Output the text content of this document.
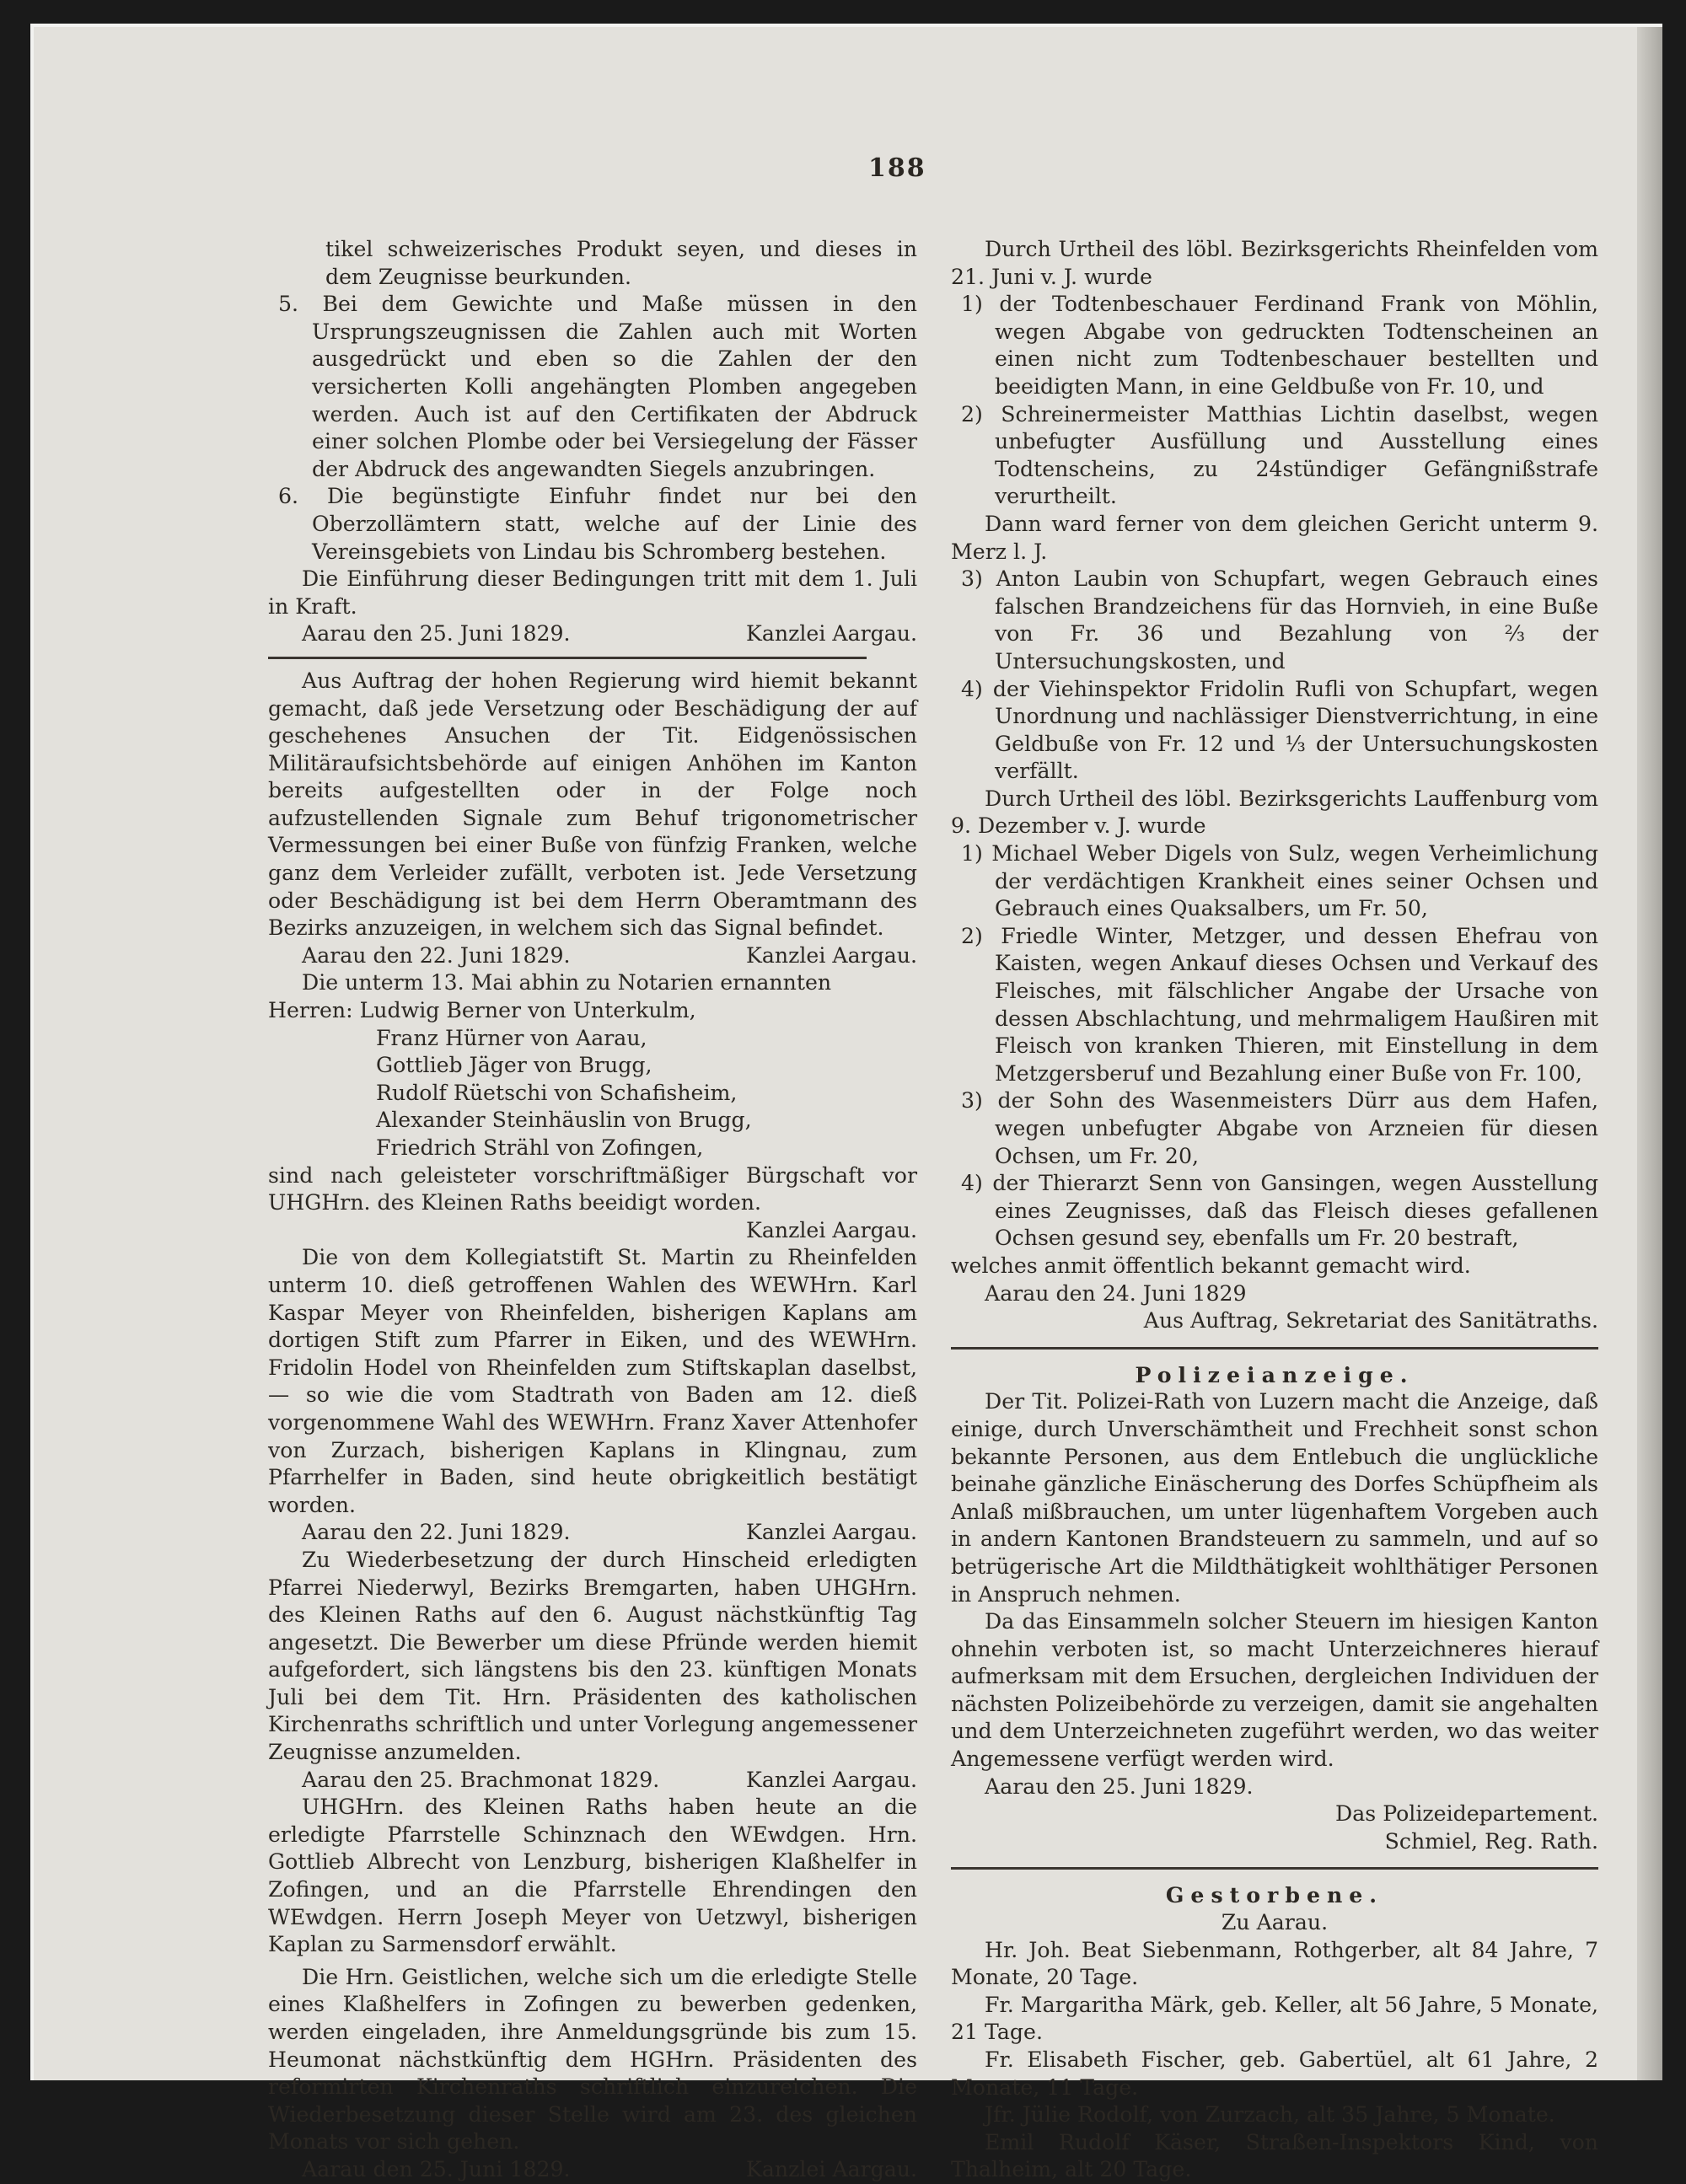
188

tikel schweizerisches Produkt seyen, und dieses in dem Zeugnisse beurkunden.

5. Bei dem Gewichte und Maße müssen in den Ursprungszeugnissen die Zahlen auch mit Worten ausgedrückt und eben so die Zahlen der den versicherten Kolli angehängten Plomben angegeben werden. Auch ist auf den Certifikaten der Abdruck einer solchen Plombe oder bei Versiegelung der Fässer der Abdruck des angewandten Siegels anzubringen.

6. Die begünstigte Einfuhr findet nur bei den Oberzollämtern statt, welche auf der Linie des Vereinsgebiets von Lindau bis Schromberg bestehen.

Die Einführung dieser Bedingungen tritt mit dem 1. Juli in Kraft.

Aarau den 25. Juni 1829.	Kanzlei Aargau.

Aus Auftrag der hohen Regierung wird hiemit bekannt gemacht, daß jede Versetzung oder Beschädigung der auf geschehenes Ansuchen der Tit. Eidgenössischen Militäraufsichtsbehörde auf einigen Anhöhen im Kanton bereits aufgestellten oder in der Folge noch aufzustellenden Signale zum Behuf trigonometrischer Vermessungen bei einer Buße von fünfzig Franken, welche ganz dem Verleider zufällt, verboten ist. Jede Versetzung oder Beschädigung ist bei dem Herrn Oberamtmann des Bezirks anzuzeigen, in welchem sich das Signal befindet.

Aarau den 22. Juni 1829.	Kanzlei Aargau.

Die unterm 13. Mai abhin zu Notarien ernannten

Herren: Ludwig Berner von Unterkulm,
Franz Hürner von Aarau,
Gottlieb Jäger von Brugg,
Rudolf Rüetschi von Schafisheim,
Alexander Steinhäuslin von Brugg,
Friedrich Strähl von Zofingen,

sind nach geleisteter vorschriftmäßiger Bürgschaft vor UHGHrn. des Kleinen Raths beeidigt worden.

Kanzlei Aargau.

Die von dem Kollegiatstift St. Martin zu Rheinfelden unterm 10. dieß getroffenen Wahlen des WEWHrn. Karl Kaspar Meyer von Rheinfelden, bisherigen Kaplans am dortigen Stift zum Pfarrer in Eiken, und des WEWHrn. Fridolin Hodel von Rheinfelden zum Stiftskaplan daselbst, — so wie die vom Stadtrath von Baden am 12. dieß vorgenommene Wahl des WEWHrn. Franz Xaver Attenhofer von Zurzach, bisherigen Kaplans in Klingnau, zum Pfarrhelfer in Baden, sind heute obrigkeitlich bestätigt worden.

Aarau den 22. Juni 1829.	Kanzlei Aargau.

Zu Wiederbesetzung der durch Hinscheid erledigten Pfarrei Niederwyl, Bezirks Bremgarten, haben UHGHrn. des Kleinen Raths auf den 6. August nächstkünftig Tag angesetzt. Die Bewerber um diese Pfründe werden hiemit aufgefordert, sich längstens bis den 23. künftigen Monats Juli bei dem Tit. Hrn. Präsidenten des katholischen Kirchenraths schriftlich und unter Vorlegung angemessener Zeugnisse anzumelden.

Aarau den 25. Brachmonat 1829.	Kanzlei Aargau.

UHGHrn. des Kleinen Raths haben heute an die erledigte Pfarrstelle Schinznach den WEwdgen. Hrn. Gottlieb Albrecht von Lenzburg, bisherigen Klaßhelfer in Zofingen, und an die Pfarrstelle Ehrendingen den WEwdgen. Herrn Joseph Meyer von Uetzwyl, bisherigen Kaplan zu Sarmensdorf erwählt.

Die Hrn. Geistlichen, welche sich um die erledigte Stelle eines Klaßhelfers in Zofingen zu bewerben gedenken, werden eingeladen, ihre Anmeldungsgründe bis zum 15. Heumonat nächstkünftig dem HGHrn. Präsidenten des reformirten Kirchenraths schriftlich einzureichen. Die Wiederbesetzung dieser Stelle wird am 23. des gleichen Monats vor sich gehen.

Aarau den 25. Juni 1829.	Kanzlei Aargau.

Durch Urtheil des löbl. Bezirksgerichts Rheinfelden vom 21. Juni v. J. wurde

1) der Todtenbeschauer Ferdinand Frank von Möhlin, wegen Abgabe von gedruckten Todtenscheinen an einen nicht zum Todtenbeschauer bestellten und beeidigten Mann, in eine Geldbuße von Fr. 10, und

2) Schreinermeister Matthias Lichtin daselbst, wegen unbefugter Ausfüllung und Ausstellung eines Todtenscheins, zu 24stündiger Gefängnißstrafe verurtheilt.

Dann ward ferner von dem gleichen Gericht unterm 9. Merz l. J.

3) Anton Laubin von Schupfart, wegen Gebrauch eines falschen Brandzeichens für das Hornvieh, in eine Buße von Fr. 36 und Bezahlung von ⅔ der Untersuchungskosten, und

4) der Viehinspektor Fridolin Rufli von Schupfart, wegen Unordnung und nachlässiger Dienstverrichtung, in eine Geldbuße von Fr. 12 und ⅓ der Untersuchungskosten verfällt.

Durch Urtheil des löbl. Bezirksgerichts Lauffenburg vom 9. Dezember v. J. wurde

1) Michael Weber Digels von Sulz, wegen Verheimlichung der verdächtigen Krankheit eines seiner Ochsen und Gebrauch eines Quaksalbers, um Fr. 50,

2) Friedle Winter, Metzger, und dessen Ehefrau von Kaisten, wegen Ankauf dieses Ochsen und Verkauf des Fleisches, mit fälschlicher Angabe der Ursache von dessen Abschlachtung, und mehrmaligem Haußiren mit Fleisch von kranken Thieren, mit Einstellung in dem Metzgersberuf und Bezahlung einer Buße von Fr. 100,

3) der Sohn des Wasenmeisters Dürr aus dem Hafen, wegen unbefugter Abgabe von Arzneien für diesen Ochsen, um Fr. 20,

4) der Thierarzt Senn von Gansingen, wegen Ausstellung eines Zeugnisses, daß das Fleisch dieses gefallenen Ochsen gesund sey, ebenfalls um Fr. 20 bestraft,

welches anmit öffentlich bekannt gemacht wird.

Aarau den 24. Juni 1829

Aus Auftrag, Sekretariat des Sanitätraths.

Polizeianzeige.

Der Tit. Polizei-Rath von Luzern macht die Anzeige, daß einige, durch Unverschämtheit und Frechheit sonst schon bekannte Personen, aus dem Entlebuch die unglückliche beinahe gänzliche Einäscherung des Dorfes Schüpfheim als Anlaß mißbrauchen, um unter lügenhaftem Vorgeben auch in andern Kantonen Brandsteuern zu sammeln, und auf so betrügerische Art die Mildthätigkeit wohlthätiger Personen in Anspruch nehmen.

Da das Einsammeln solcher Steuern im hiesigen Kanton ohnehin verboten ist, so macht Unterzeichneres hierauf aufmerksam mit dem Ersuchen, dergleichen Individuen der nächsten Polizeibehörde zu verzeigen, damit sie angehalten und dem Unterzeichneten zugeführt werden, wo das weiter Angemessene verfügt werden wird.

Aarau den 25. Juni 1829.

Das Polizeidepartement.

Schmiel, Reg. Rath.

Gestorbene.

Zu Aarau.

Hr. Joh. Beat Siebenmann, Rothgerber, alt 84 Jahre, 7 Monate, 20 Tage.

Fr. Margaritha Märk, geb. Keller, alt 56 Jahre, 5 Monate, 21 Tage.

Fr. Elisabeth Fischer, geb. Gabertüel, alt 61 Jahre, 2 Monate, 11 Tage.

Jfr. Jülie Rodolf, von Zurzach, alt 35 Jahre, 5 Monate.

Emil Rudolf Käser, Straßen-Inspektors Kind, von Thalheim, alt 20 Tage.
